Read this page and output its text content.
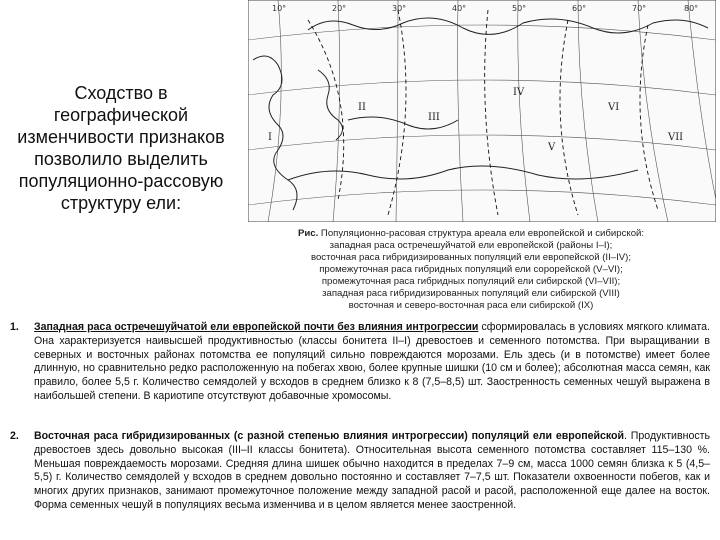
Сходство в
географической
изменчивости признаков
позволило выделить
популяционно-рассовую
структуру ели:
10°	20°	30°	40°	50°	60°	70°	80°
I
II
III
IV
V
VI
VII
Рис. Популяционно-расовая структура ареала ели европейской и сибирской:
западная раса остречешуйчатой ели европейской (районы I–I);
восточная раса гибридизированных популяций ели европейской (II–IV);
промежуточная раса гибридных популяций ели сорорейской (V–VI);
промежуточная раса гибридных популяций ели сибирской (VI–VII);
западная раса гибридизированных популяций ели сибирской (VIII)
восточная и северо-восточная раса ели сибирской (IX)
1. Западная раса остречешуйчатой ели европейской почти без влияния интрогрессии сформировалась в условиях мягкого климата. Она характеризуется наивысшей продуктивностью (классы бонитета II–I) древостоев и семенного потомства. При выращивании в северных и восточных районах потомства ее популяций сильно повреждаются морозами. Ель здесь (и в потомстве) имеет более длинную, но сравнительно редко расположенную на побегах хвою, более крупные шишки (10 см и более); абсолютная масса семян, как правило, более 5,5 г. Количество семядолей у всходов в среднем близко к 8 (7,5–8,5) шт. Заостренность семенных чешуй выражена в наибольшей степени. В кариотипе отсутствуют добавочные хромосомы.
2. Восточная раса гибридизированных (с разной степенью влияния интрогрессии) популяций ели европейской. Продуктивность древостоев здесь довольно высокая (III–II классы бонитета). Относительная высота семенного потомства составляет 115–130 %. Меньшая повреждаемость морозами. Средняя длина шишек обычно находится в пределах 7–9 см, масса 1000 семян близка к 5 (4,5–5,5) г. Количество семядолей у всходов в среднем довольно постоянно и составляет 7–7,5 шт. Показатели охвоенности побегов, как и многих других признаков, занимают промежуточное положение между западной расой и расой, расположенной еще далее на восток. Форма семенных чешуй в популяциях весьма изменчива и в целом является менее заостренной.
